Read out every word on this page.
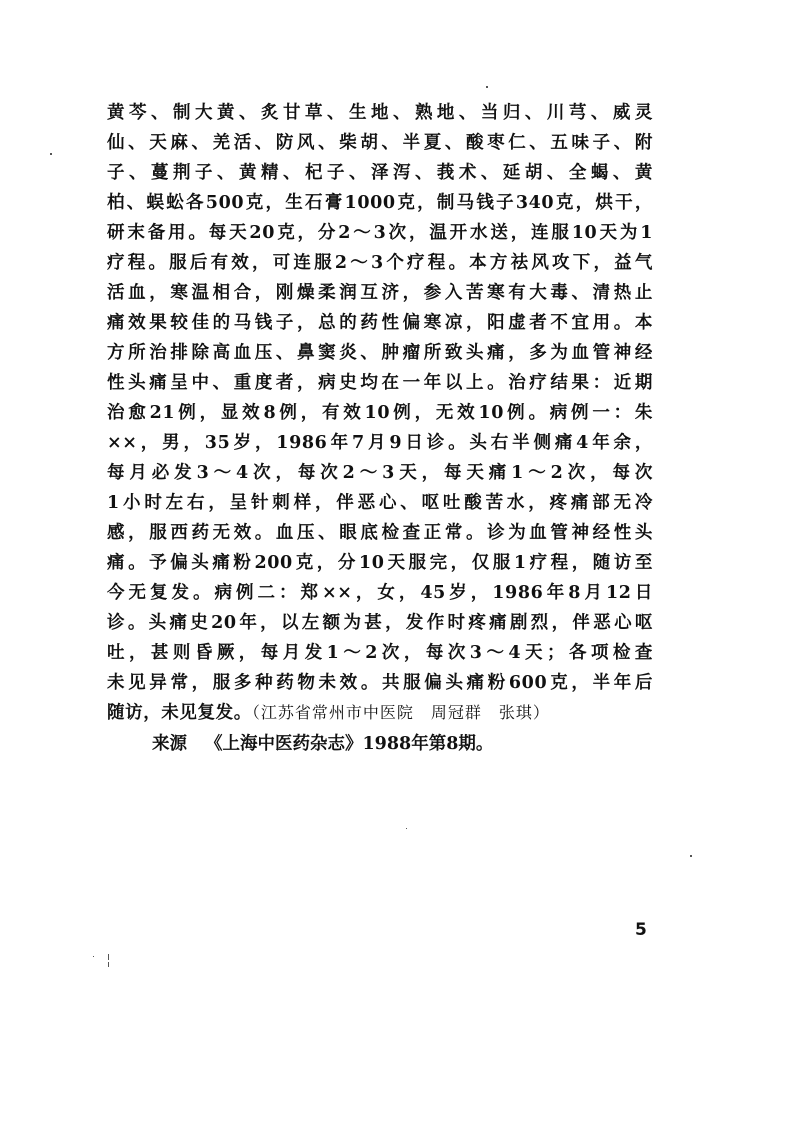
黄芩、制大黄、炙甘草、生地、熟地、当归、川芎、威灵
仙、天麻、羌活、防风、柴胡、半夏、酸枣仁、五味子、附
子、蔓荆子、黄精、杞子、泽泻、莪术、延胡、全蝎、黄
柏、蜈蚣各500克，生石膏1000克，制马钱子340克，烘干，
研末备用。每天20克，分2～3次，温开水送，连服10天为1
疗程。服后有效，可连服2～3个疗程。本方祛风攻下，益气
活血，寒温相合，刚燥柔润互济，参入苦寒有大毒、清热止
痛效果较佳的马钱子，总的药性偏寒凉，阳虚者不宜用。本
方所治排除高血压、鼻窦炎、肿瘤所致头痛，多为血管神经
性头痛呈中、重度者，病史均在一年以上。治疗结果：近期
治愈21例，显效8例，有效10例，无效10例。病例一：朱
××，男，35岁，1986年7月9日诊。头右半侧痛4年余，
每月必发3～4次，每次2～3天，每天痛1～2次，每次
1小时左右，呈针刺样，伴恶心、呕吐酸苦水，疼痛部无冷
感，服西药无效。血压、眼底检查正常。诊为血管神经性头
痛。予偏头痛粉200克，分10天服完，仅服1疗程，随访至
今无复发。病例二：郑××，女，45岁，1986年8月12日
诊。头痛史20年，以左额为甚，发作时疼痛剧烈，伴恶心呕
吐，甚则昏厥，每月发1～2次，每次3～4天；各项检查
未见异常，服多种药物未效。共服偏头痛粉600克，半年后
随访，未见复发。（江苏省常州市中医院　周冠群　张琪）
来源 《上海中医药杂志》1988年第8期。
5
